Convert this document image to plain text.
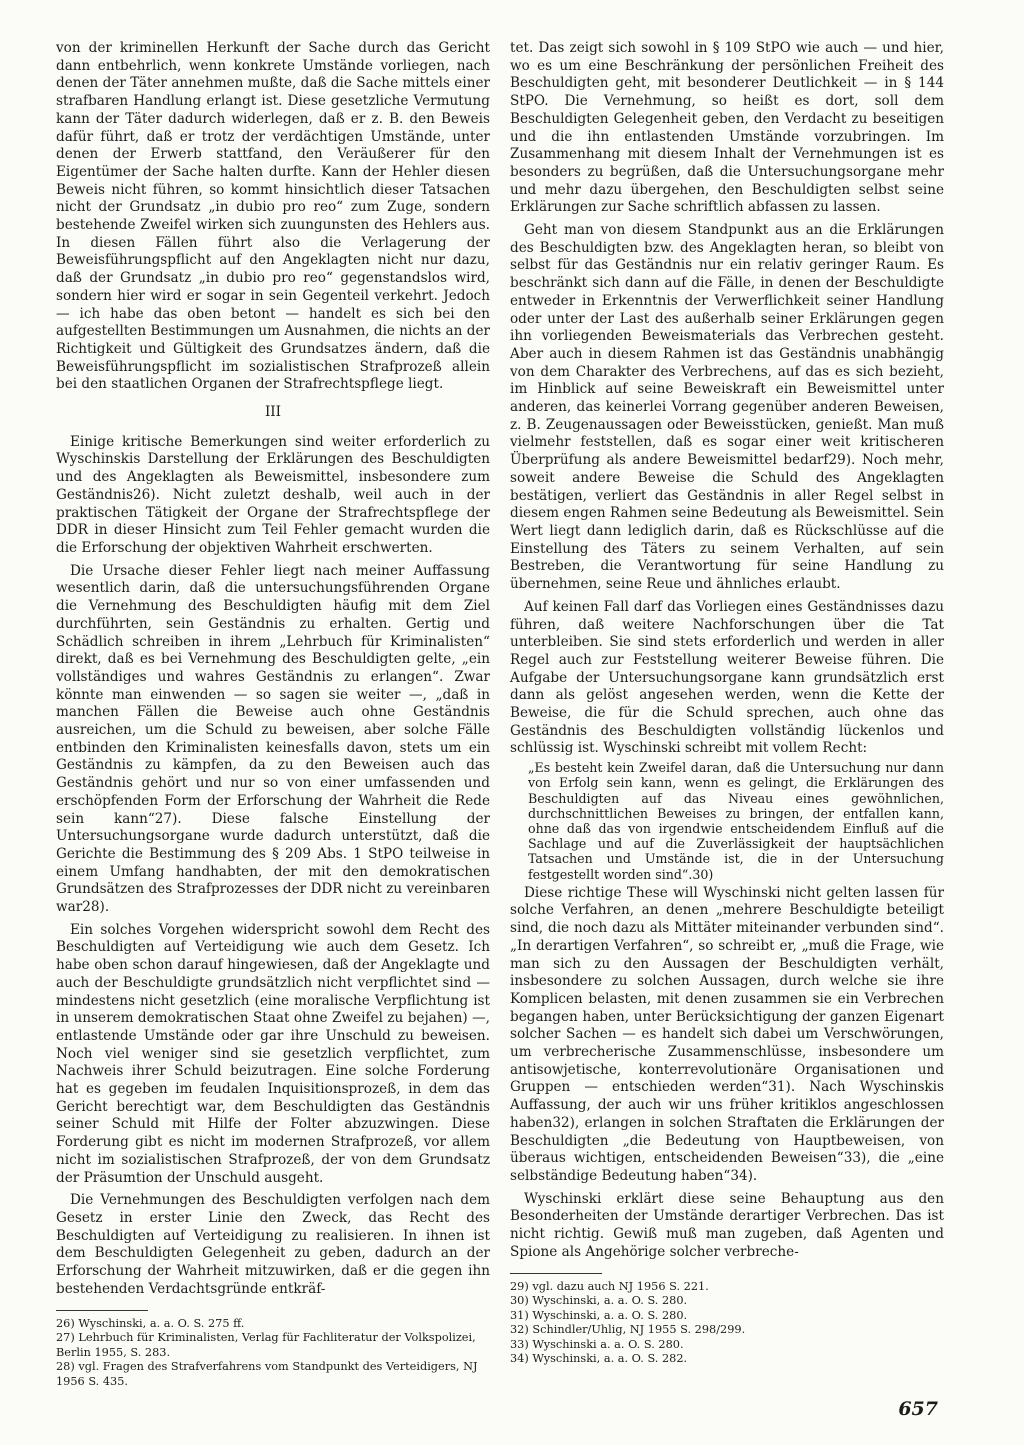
von der kriminellen Herkunft der Sache durch das Gericht dann entbehrlich, wenn konkrete Umstände vorliegen, nach denen der Täter annehmen mußte, daß die Sache mittels einer strafbaren Handlung erlangt ist. Diese gesetzliche Vermutung kann der Täter dadurch widerlegen, daß er z. B. den Beweis dafür führt, daß er trotz der verdächtigen Umstände, unter denen der Erwerb stattfand, den Veräußerer für den Eigentümer der Sache halten durfte. Kann der Hehler diesen Beweis nicht führen, so kommt hinsichtlich dieser Tatsachen nicht der Grundsatz „in dubio pro reo“ zum Zuge, sondern bestehende Zweifel wirken sich zuungunsten des Hehlers aus. In diesen Fällen führt also die Verlagerung der Beweisführungspflicht auf den Angeklagten nicht nur dazu, daß der Grundsatz „in dubio pro reo“ gegenstandslos wird, sondern hier wird er sogar in sein Gegenteil verkehrt. Jedoch — ich habe das oben betont — handelt es sich bei den aufgestellten Bestimmungen um Ausnahmen, die nichts an der Richtigkeit und Gültigkeit des Grundsatzes ändern, daß die Beweisführungspflicht im sozialistischen Strafprozeß allein bei den staatlichen Organen der Strafrechtspflege liegt.

III

Einige kritische Bemerkungen sind weiter erforderlich zu Wyschinskis Darstellung der Erklärungen des Beschuldigten und des Angeklagten als Beweismittel, insbesondere zum Geständnis26). Nicht zuletzt deshalb, weil auch in der praktischen Tätigkeit der Organe der Strafrechtspflege der DDR in dieser Hinsicht zum Teil Fehler gemacht wurden die die Erforschung der objektiven Wahrheit erschwerten.

Die Ursache dieser Fehler liegt nach meiner Auffassung wesentlich darin, daß die untersuchungsführenden Organe die Vernehmung des Beschuldigten häufig mit dem Ziel durchführten, sein Geständnis zu erhalten. Gertig und Schädlich schreiben in ihrem „Lehrbuch für Kriminalisten“ direkt, daß es bei Vernehmung des Beschuldigten gelte, „ein vollständiges und wahres Geständnis zu erlangen“. Zwar könnte man einwenden — so sagen sie weiter —, „daß in manchen Fällen die Beweise auch ohne Geständnis ausreichen, um die Schuld zu beweisen, aber solche Fälle entbinden den Kriminalisten keinesfalls davon, stets um ein Geständnis zu kämpfen, da zu den Beweisen auch das Geständnis gehört und nur so von einer umfassenden und erschöpfenden Form der Erforschung der Wahrheit die Rede sein kann“27). Diese falsche Einstellung der Untersuchungsorgane wurde dadurch unterstützt, daß die Gerichte die Bestimmung des § 209 Abs. 1 StPO teilweise in einem Umfang handhabten, der mit den demokratischen Grundsätzen des Strafprozesses der DDR nicht zu vereinbaren war28).

Ein solches Vorgehen widerspricht sowohl dem Recht des Beschuldigten auf Verteidigung wie auch dem Gesetz. Ich habe oben schon darauf hingewiesen, daß der Angeklagte und auch der Beschuldigte grundsätzlich nicht verpflichtet sind — mindestens nicht gesetzlich (eine moralische Verpflichtung ist in unserem demokratischen Staat ohne Zweifel zu bejahen) —, entlastende Umstände oder gar ihre Unschuld zu beweisen. Noch viel weniger sind sie gesetzlich verpflichtet, zum Nachweis ihrer Schuld beizutragen. Eine solche Forderung hat es gegeben im feudalen Inquisitionsprozeß, in dem das Gericht berechtigt war, dem Beschuldigten das Geständnis seiner Schuld mit Hilfe der Folter abzuzwingen. Diese Forderung gibt es nicht im modernen Strafprozeß, vor allem nicht im sozialistischen Strafprozeß, der von dem Grundsatz der Präsumtion der Unschuld ausgeht.

Die Vernehmungen des Beschuldigten verfolgen nach dem Gesetz in erster Linie den Zweck, das Recht des Beschuldigten auf Verteidigung zu realisieren. In ihnen ist dem Beschuldigten Gelegenheit zu geben, dadurch an der Erforschung der Wahrheit mitzuwirken, daß er die gegen ihn bestehenden Verdachtsgründe entkräf-

26) Wyschinski, a. a. O. S. 275 ff.

27) Lehrbuch für Kriminalisten, Verlag für Fachliteratur der Volkspolizei, Berlin 1955, S. 283.

28) vgl. Fragen des Strafverfahrens vom Standpunkt des Verteidigers, NJ 1956 S. 435.

tet. Das zeigt sich sowohl in § 109 StPO wie auch — und hier, wo es um eine Beschränkung der persönlichen Freiheit des Beschuldigten geht, mit besonderer Deutlichkeit — in § 144 StPO. Die Vernehmung, so heißt es dort, soll dem Beschuldigten Gelegenheit geben, den Verdacht zu beseitigen und die ihn entlastenden Umstände vorzubringen. Im Zusammenhang mit diesem Inhalt der Vernehmungen ist es besonders zu begrüßen, daß die Untersuchungsorgane mehr und mehr dazu übergehen, den Beschuldigten selbst seine Erklärungen zur Sache schriftlich abfassen zu lassen.

Geht man von diesem Standpunkt aus an die Erklärungen des Beschuldigten bzw. des Angeklagten heran, so bleibt von selbst für das Geständnis nur ein relativ geringer Raum. Es beschränkt sich dann auf die Fälle, in denen der Beschuldigte entweder in Erkenntnis der Verwerflichkeit seiner Handlung oder unter der Last des außerhalb seiner Erklärungen gegen ihn vorliegenden Beweismaterials das Verbrechen gesteht. Aber auch in diesem Rahmen ist das Geständnis unabhängig von dem Charakter des Verbrechens, auf das es sich bezieht, im Hinblick auf seine Beweiskraft ein Beweismittel unter anderen, das keinerlei Vorrang gegenüber anderen Beweisen, z. B. Zeugenaussagen oder Beweisstücken, genießt. Man muß vielmehr feststellen, daß es sogar einer weit kritischeren Überprüfung als andere Beweismittel bedarf29). Noch mehr, soweit andere Beweise die Schuld des Angeklagten bestätigen, verliert das Geständnis in aller Regel selbst in diesem engen Rahmen seine Bedeutung als Beweismittel. Sein Wert liegt dann lediglich darin, daß es Rückschlüsse auf die Einstellung des Täters zu seinem Verhalten, auf sein Bestreben, die Verantwortung für seine Handlung zu übernehmen, seine Reue und ähnliches erlaubt.

Auf keinen Fall darf das Vorliegen eines Geständnisses dazu führen, daß weitere Nachforschungen über die Tat unterbleiben. Sie sind stets erforderlich und werden in aller Regel auch zur Feststellung weiterer Beweise führen. Die Aufgabe der Untersuchungsorgane kann grundsätzlich erst dann als gelöst angesehen werden, wenn die Kette der Beweise, die für die Schuld sprechen, auch ohne das Geständnis des Beschuldigten vollständig lückenlos und schlüssig ist. Wyschinski schreibt mit vollem Recht:

„Es besteht kein Zweifel daran, daß die Untersuchung nur dann von Erfolg sein kann, wenn es gelingt, die Erklärungen des Beschuldigten auf das Niveau eines gewöhnlichen, durchschnittlichen Beweises zu bringen, der entfallen kann, ohne daß das von irgendwie entscheidendem Einfluß auf die Sachlage und auf die Zuverlässigkeit der hauptsächlichen Tatsachen und Umstände ist, die in der Untersuchung festgestellt worden sind“.30)

Diese richtige These will Wyschinski nicht gelten lassen für solche Verfahren, an denen „mehrere Beschuldigte beteiligt sind, die noch dazu als Mittäter miteinander verbunden sind“. „In derartigen Verfahren“, so schreibt er, „muß die Frage, wie man sich zu den Aussagen der Beschuldigten verhält, insbesondere zu solchen Aussagen, durch welche sie ihre Komplicen belasten, mit denen zusammen sie ein Verbrechen begangen haben, unter Berücksichtigung der ganzen Eigenart solcher Sachen — es handelt sich dabei um Verschwörungen, um verbrecherische Zusammenschlüsse, insbesondere um antisowjetische, konterrevolutionäre Organisationen und Gruppen — entschieden werden“31). Nach Wyschinskis Auffassung, der auch wir uns früher kritiklos angeschlossen haben32), erlangen in solchen Straftaten die Erklärungen der Beschuldigten „die Bedeutung von Hauptbeweisen, von überaus wichtigen, entscheidenden Beweisen“33), die „eine selbständige Bedeutung haben“34).

Wyschinski erklärt diese seine Behauptung aus den Besonderheiten der Umstände derartiger Verbrechen. Das ist nicht richtig. Gewiß muß man zugeben, daß Agenten und Spione als Angehörige solcher verbreche-

29) vgl. dazu auch NJ 1956 S. 221.

30) Wyschinski, a. a. O. S. 280.

31) Wyschinski, a. a. O. S. 280.

32) Schindler/Uhlig, NJ 1955 S. 298/299.

33) Wyschinski a. a. O. S. 280.

34) Wyschinski, a. a. O. S. 282.

657
